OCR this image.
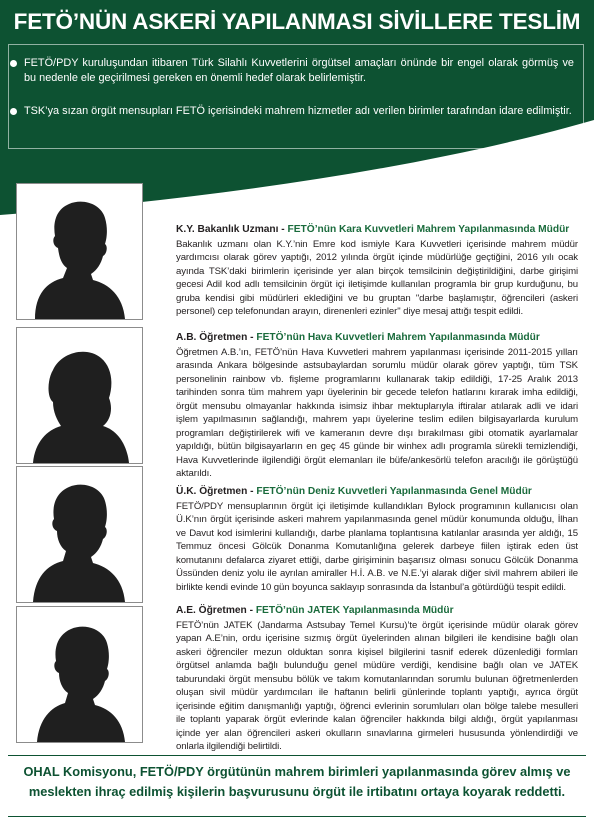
FETÖ’NÜN ASKERİ YAPILANMASI SİVİLLERE TESLİM
FETÖ/PDY kuruluşundan itibaren Türk Silahlı Kuvvetlerini örgütsel amaçları önünde bir engel olarak görmüş ve bu nedenle ele geçirilmesi gereken en önemli hedef olarak belirlemiştir.
TSK’ya sızan örgüt mensupları FETÖ içerisindeki mahrem hizmetler adı verilen birimler tarafından idare edilmiştir.
K.Y. Bakanlık Uzmanı - FETÖ’nün Kara Kuvvetleri Mahrem Yapılanmasında Müdür
Bakanlık uzmanı olan K.Y.’nin Emre kod ismiyle Kara Kuvvetleri içerisinde mahrem müdür yardımcısı olarak görev yaptığı, 2012 yılında örgüt içinde müdürlüğe geçtiğini, 2016 yılı ocak ayında TSK’daki birimlerin içerisinde yer alan birçok temsilcinin değiştirildiğini, darbe girişimi gecesi Adil kod adlı temsilcinin örgüt içi iletişimde kullanılan programla bir grup kurduğunu, bu gruba kendisi gibi müdürleri eklediğini ve bu gruptan "darbe başlamıştır, öğrencileri (askeri personel) cep telefonundan arayın, direnenleri ezinler" diye mesaj attığı tespit edildi.
A.B. Öğretmen - FETÖ’nün Hava Kuvvetleri Mahrem Yapılanmasında Müdür
Öğretmen A.B.’ın, FETÖ’nün Hava Kuvvetleri mahrem yapılanması içerisinde 2011-2015 yılları arasında Ankara bölgesinde astsubaylardan sorumlu müdür olarak görev yaptığı, tüm TSK personelinin rainbow vb. fişleme programlarını kullanarak takip edildiği, 17-25 Aralık 2013 tarihinden sonra tüm mahrem yapı üyelerinin bir gecede telefon hatlarını kırarak imha edildiği, örgüt mensubu olmayanlar hakkında isimsiz ihbar mektuplarıyla iftiralar atılarak adli ve idari işlem yapılmasının sağlandığı, mahrem yapı üyelerine teslim edilen bilgisayarlarda kurulum programları değiştirilerek wifi ve kameranın devre dışı bırakılması gibi otomatik ayarlamalar yapıldığı, bütün bilgisayarların en geç 45 günde bir winhex adlı programla sürekli temizlendiği, Hava Kuvvetlerinde ilgilendiği örgüt elemanları ile büfe/ankesörlü telefon aracılığı ile görüştüğü aktarıldı.
Ü.K. Öğretmen - FETÖ’nün Deniz Kuvvetleri Yapılanmasında Genel Müdür
FETÖ/PDY mensuplarının örgüt içi iletişimde kullandıkları Bylock programının kullanıcısı olan Ü.K’nın örgüt içerisinde askeri mahrem yapılanmasında genel müdür konumunda olduğu, İlhan ve Davut kod isimlerini kullandığı, darbe planlama toplantısına katılanlar arasında yer aldığı, 15 Temmuz öncesi Gölcük Donanma Komutanlığına gelerek darbeye fiilen iştirak eden üst komutanını defalarca ziyaret ettiği, darbe girişiminin başarısız olması sonucu Gölcük Donanma Üssünden deniz yolu ile ayrılan amiraller H.İ. A.B. ve N.E.’yi alarak diğer sivil mahrem abileri ile birlikte kendi evinde 10 gün boyunca saklayıp sonrasında da İstanbul’a götürdüğü tespit edildi.
A.E. Öğretmen - FETÖ’nün JATEK Yapılanmasında Müdür
FETÖ’nün JATEK (Jandarma Astsubay Temel Kursu)’te örgüt içerisinde müdür olarak görev yapan A.E’nin, ordu içerisine sızmış örgüt üyelerinden alınan bilgileri ile kendisine bağlı olan askeri öğrenciler mezun olduktan sonra kişisel bilgilerini tasnif ederek düzenlediği formları örgütsel anlamda bağlı bulunduğu genel müdüre verdiği, kendisine bağlı olan ve JATEK taburundaki örgüt mensubu bölük ve takım komutanlarından sorumlu bulunan öğretmenlerden oluşan sivil müdür yardımcıları ile haftanın belirli günlerinde toplantı yaptığı, ayrıca örgüt içerisinde eğitim danışmanlığı yaptığı, öğrenci evlerinin sorumluları olan bölge talebe mesulleri ile toplantı yaparak örgüt evlerinde kalan öğrenciler hakkında bilgi aldığı, örgüt yapılanması içinde yer alan öğrencileri askeri okulların sınavlarına girmeleri hususunda yönlendirdiği ve onlarla ilgilendiği belirtildi.
OHAL Komisyonu, FETÖ/PDY örgütünün mahrem birimleri yapılanmasında görev almış ve meslekten ihraç edilmiş kişilerin başvurusunu örgüt ile irtibatını ortaya koyarak reddetti.
